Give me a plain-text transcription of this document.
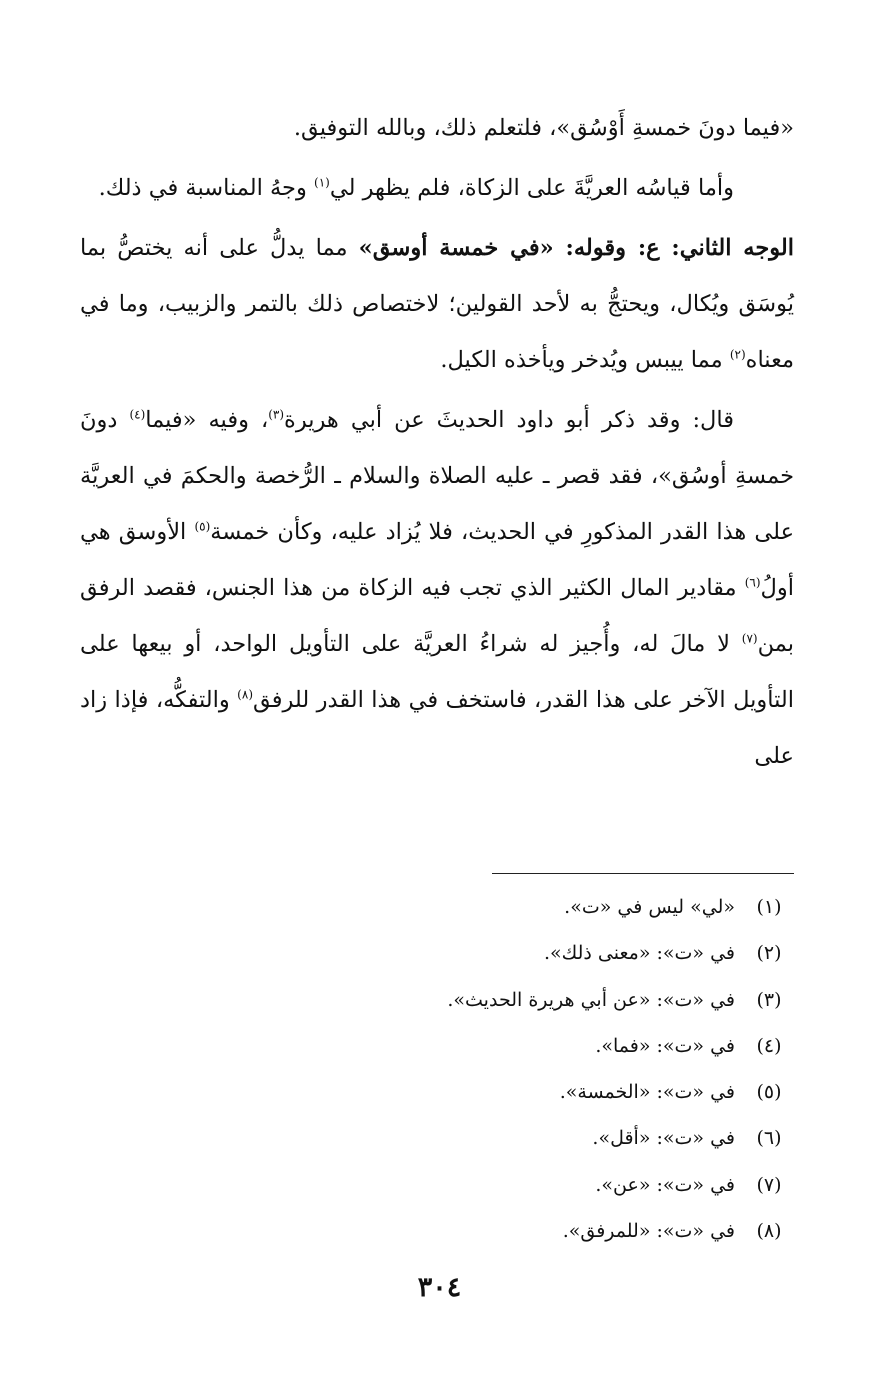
«فيما دونَ خمسةِ أَوْسُق»، فلتعلم ذلك، وبالله التوفيق.

وأما قياسُه العريَّةَ على الزكاة، فلم يظهر لي$^{(١)}$ وجهُ المناسبة في ذلك.

الوجه الثاني: ع: وقوله: «في خمسة أوسق» مما يدلُّ على أنه يختصُّ بما يُوسَق ويُكال، ويحتجُّ به لأحد القولين؛ لاختصاص ذلك بالتمر والزبيب، وما في معناه$^{(٢)}$ مما ييبس ويُدخر ويأخذه الكيل.

قال: وقد ذكر أبو داود الحديثَ عن أبي هريرة$^{(٣)}$، وفيه «فيما$^{(٤)}$ دونَ خمسةِ أوسُق»، فقد قصر ـ عليه الصلاة والسلام ـ الرُّخصة والحكمَ في العريَّة على هذا القدر المذكورِ في الحديث، فلا يُزاد عليه، وكأن خمسة$^{(٥)}$ الأوسق هي أولُ$^{(٦)}$ مقادير المال الكثير الذي تجب فيه الزكاة من هذا الجنس، فقصد الرفق بمن$^{(٧)}$ لا مالَ له، وأُجيز له شراءُ العريَّة على التأويل الواحد، أو بيعها على التأويل الآخر على هذا القدر، فاستخف في هذا القدر للرفق$^{(٨)}$ والتفكُّه، فإذا زاد على

(١)
«لي» ليس في «ت».
(٢)
في «ت»: «معنى ذلك».
(٣)
في «ت»: «عن أبي هريرة الحديث».
(٤)
في «ت»: «فما».
(٥)
في «ت»: «الخمسة».
(٦)
في «ت»: «أقل».
(٧)
في «ت»: «عن».
(٨)
في «ت»: «للمرفق».
٣٠٤
